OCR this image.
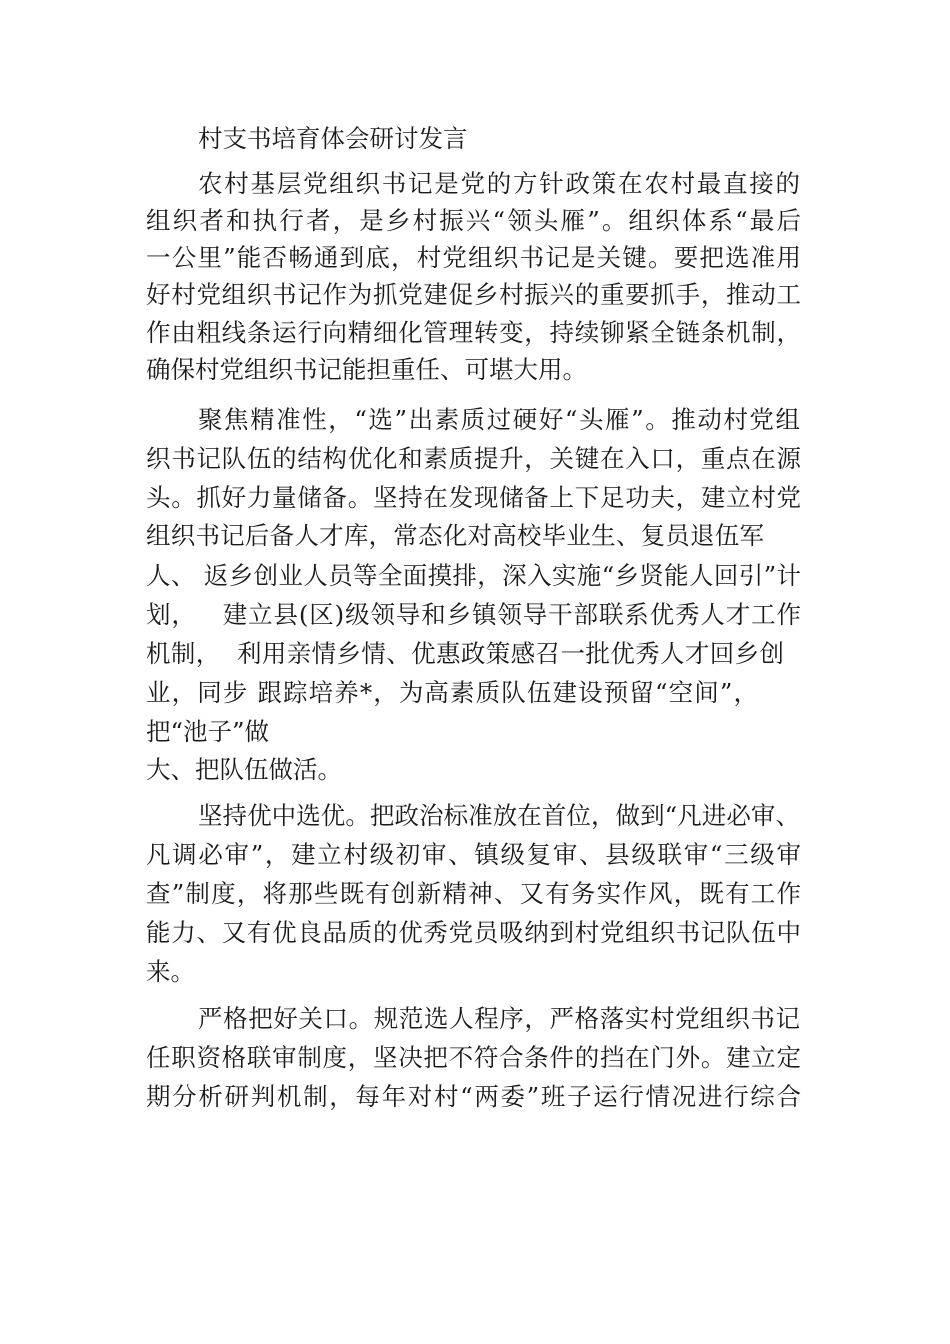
村支书培育体会研讨发言
农村基层党组织书记是党的方针政策在农村最直接的
组织者和执行者，是乡村振兴“领头雁”。组织体系“最后
一公里”能否畅通到底，村党组织书记是关键。要把选准用
好村党组织书记作为抓党建促乡村振兴的重要抓手，推动工
作由粗线条运行向精细化管理转变，持续铆紧全链条机制，
确保村党组织书记能担重任、可堪大用。
聚焦精准性，“选”出素质过硬好“头雁”。推动村党组
织书记队伍的结构优化和素质提升，关键在入口，重点在源
头。抓好力量储备。坚持在发现储备上下足功夫，建立村党
组织书记后备人才库，常态化对高校毕业生、复员退伍军
人、 返乡创业人员等全面摸排，深入实施“乡贤能人回引”计
划，   建立县(区)级领导和乡镇领导干部联系优秀人才工作
机制，  利用亲情乡情、优惠政策感召一批优秀人才回乡创
业，同步 跟踪培养*，为高素质队伍建设预留“空间”，
把“池子”做
大、把队伍做活。
坚持优中选优。把政治标准放在首位，做到“凡进必审、
凡调必审”，建立村级初审、镇级复审、县级联审“三级审
查”制度，将那些既有创新精神、又有务实作风，既有工作
能力、又有优良品质的优秀党员吸纳到村党组织书记队伍中
来。
严格把好关口。规范选人程序，严格落实村党组织书记
任职资格联审制度，坚决把不符合条件的挡在门外。建立定
期分析研判机制，每年对村“两委”班子运行情况进行综合
